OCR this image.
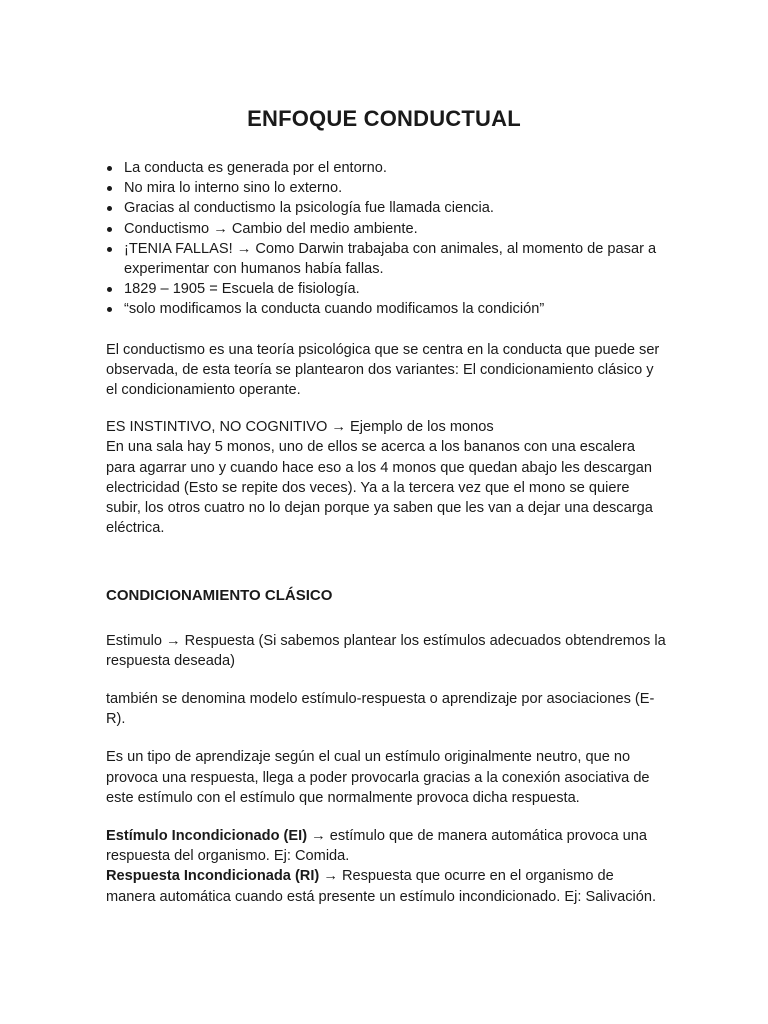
ENFOQUE CONDUCTUAL
La conducta es generada por el entorno.
No mira lo interno sino lo externo.
Gracias al conductismo la psicología fue llamada ciencia.
Conductismo → Cambio del medio ambiente.
¡TENIA FALLAS! → Como Darwin trabajaba con animales, al momento de pasar a experimentar con humanos había fallas.
1829 – 1905 = Escuela de fisiología.
“solo modificamos la conducta cuando modificamos la condición”

El conductismo es una teoría psicológica que se centra en la conducta que puede ser observada, de esta teoría se plantearon dos variantes: El condicionamiento clásico y el condicionamiento operante.

ES INSTINTIVO, NO COGNITIVO → Ejemplo de los monos

En una sala hay 5 monos, uno de ellos se acerca a los bananos con una escalera para agarrar uno y cuando hace eso a los 4 monos que quedan abajo les descargan electricidad (Esto se repite dos veces). Ya a la tercera vez que el mono se quiere subir, los otros cuatro no lo dejan porque ya saben que les van a dejar una descarga eléctrica.

CONDICIONAMIENTO CLÁSICO

Estimulo → Respuesta (Si sabemos plantear los estímulos adecuados obtendremos la respuesta deseada)

también se denomina modelo estímulo-respuesta o aprendizaje por asociaciones (E-R).

Es un tipo de aprendizaje según el cual un estímulo originalmente neutro, que no provoca una respuesta, llega a poder provocarla gracias a la conexión asociativa de este estímulo con el estímulo que normalmente provoca dicha respuesta.

Estímulo Incondicionado (EI) → estímulo que de manera automática provoca una respuesta del organismo. Ej: Comida.

Respuesta Incondicionada (RI) → Respuesta que ocurre en el organismo de manera automática cuando está presente un estímulo incondicionado. Ej: Salivación.
